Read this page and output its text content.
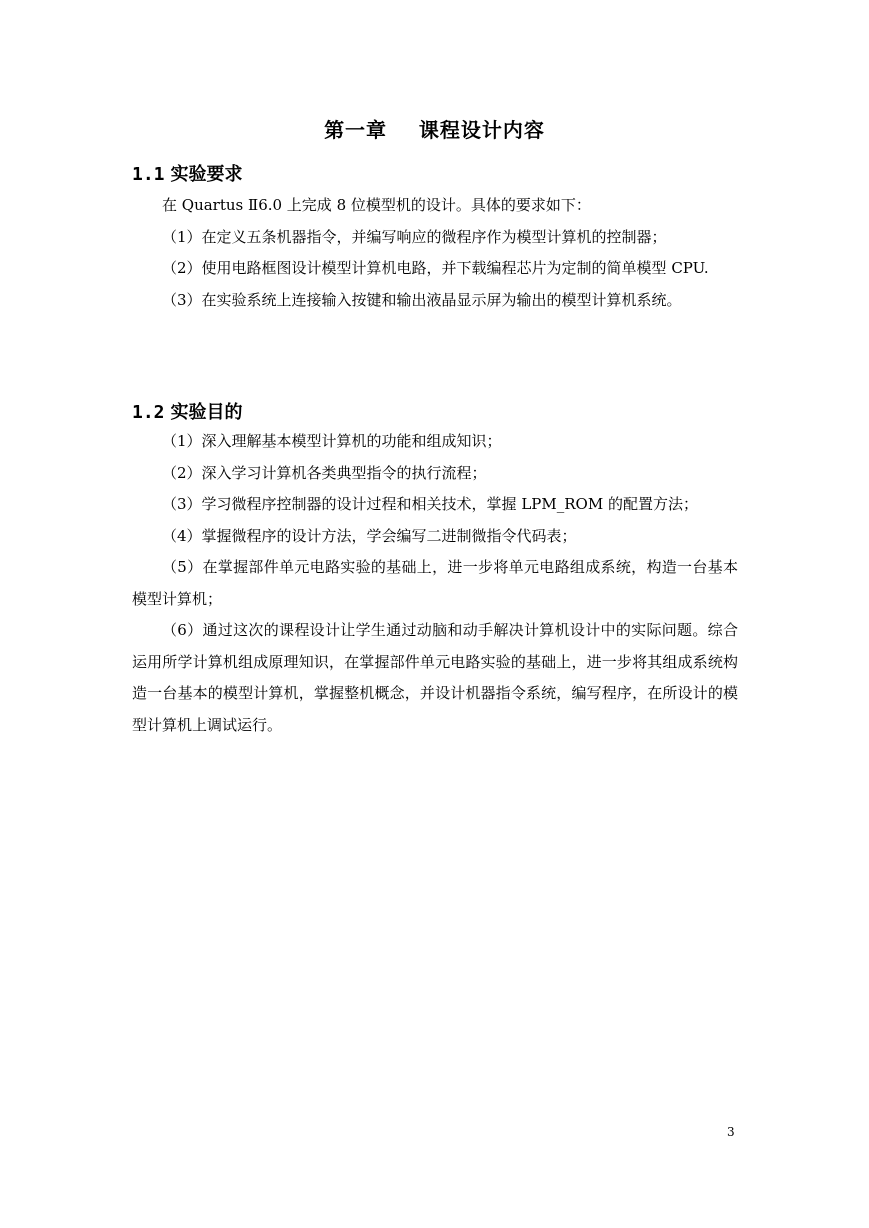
第一章    课程设计内容
1.1 实验要求

在 Quartus Ⅱ6.0 上完成 8 位模型机的设计。具体的要求如下：

（1）在定义五条机器指令，并编写响应的微程序作为模型计算机的控制器；

（2）使用电路框图设计模型计算机电路，并下载编程芯片为定制的简单模型 CPU.

（3）在实验系统上连接输入按键和输出液晶显示屏为输出的模型计算机系统。

1.2 实验目的

（1）深入理解基本模型计算机的功能和组成知识；

（2）深入学习计算机各类典型指令的执行流程；

（3）学习微程序控制器的设计过程和相关技术，掌握 LPM_ROM 的配置方法；

（4）掌握微程序的设计方法，学会编写二进制微指令代码表；

（5）在掌握部件单元电路实验的基础上，进一步将单元电路组成系统，构造一台基本模型计算机；

（6）通过这次的课程设计让学生通过动脑和动手解决计算机设计中的实际问题。综合运用所学计算机组成原理知识，在掌握部件单元电路实验的基础上，进一步将其组成系统构造一台基本的模型计算机，掌握整机概念，并设计机器指令系统，编写程序，在所设计的模型计算机上调试运行。

3
